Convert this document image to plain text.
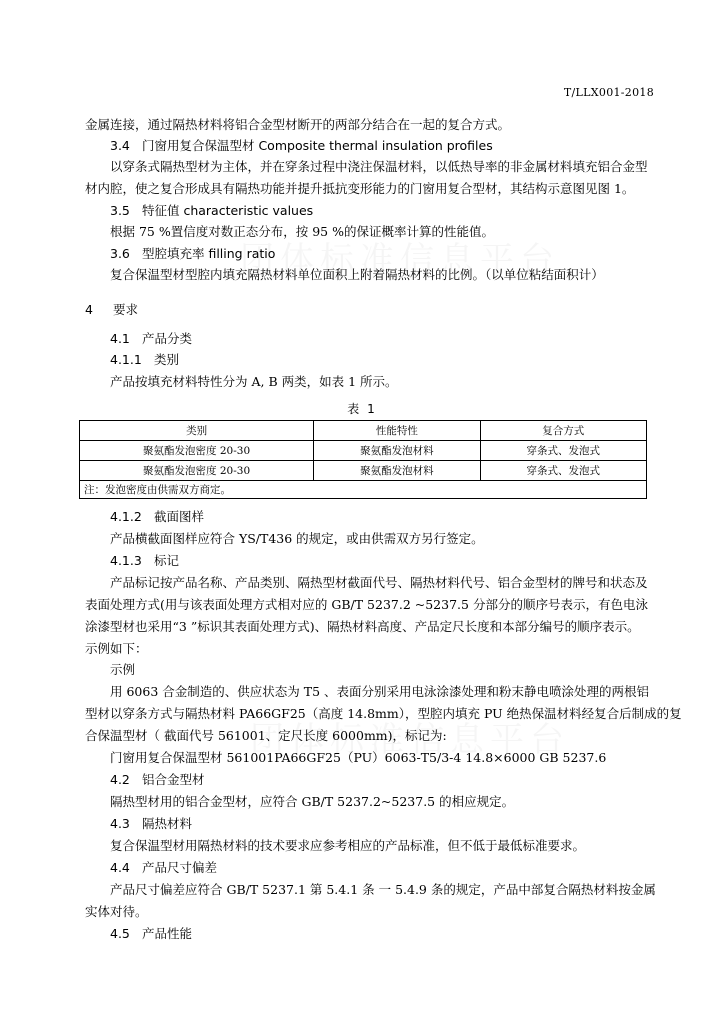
T/LLX001-2018
金属连接，通过隔热材料将铝合金型材断开的两部分结合在一起的复合方式。
3.4 门窗用复合保温型材 Composite thermal insulation profiles
以穿条式隔热型材为主体，并在穿条过程中浇注保温材料，以低热导率的非金属材料填充铝合金型
材内腔，使之复合形成具有隔热功能并提升抵抗变形能力的门窗用复合型材，其结构示意图见图 1。
3.5 特征值 characteristic values
根据 75 %置信度对数正态分布，按 95 %的保证概率计算的性能值。
3.6 型腔填充率 filling ratio
复合保温型材型腔内填充隔热材料单位面积上附着隔热材料的比例。（以单位粘结面积计）
4 要求
4.1 产品分类
4.1.1 类别
产品按填充材料特性分为 A, B 两类，如表 1 所示。
表 1
类别	性能特性	复合方式
聚氨酯发泡密度 20-30	聚氨酯发泡材料	穿条式、发泡式
聚氨酯发泡密度 20-30	聚氨酯发泡材料	穿条式、发泡式
注：发泡密度由供需双方商定。		
4.1.2 截面图样
产品横截面图样应符合 YS/T436 的规定，或由供需双方另行签定。
4.1.3 标记
产品标记按产品名称、产品类别、隔热型材截面代号、隔热材料代号、铝合金型材的牌号和状态及
表面处理方式(用与该表面处理方式相对应的 GB/T 5237.2 ~5237.5 分部分的顺序号表示，有色电泳
涂漆型材也采用“3 ”标识其表面处理方式)、隔热材料高度、产品定尺长度和本部分编号的顺序表示。
示例如下：
示例
用 6063 合金制造的、供应状态为 T5 、表面分别采用电泳涂漆处理和粉末静电喷涂处理的两根铝
型材以穿条方式与隔热材料 PA66GF25（高度 14.8mm），型腔内填充 PU 绝热保温材料经复合后制成的复
合保温型材（ 截面代号 561001、定尺长度 6000mm)，标记为:
门窗用复合保温型材 561001PA66GF25（PU）6063-T5/3-4 14.8×6000 GB 5237.6
4.2 铝合金型材
隔热型材用的铝合金型材，应符合 GB/T 5237.2~5237.5 的相应规定。
4.3 隔热材料
复合保温型材用隔热材料的技术要求应参考相应的产品标准，但不低于最低标准要求。
4.4 产品尺寸偏差
产品尺寸偏差应符合 GB/T 5237.1 第 5.4.1 条 一 5.4.9 条的规定，产品中部复合隔热材料按金属
实体对待。
4.5 产品性能
